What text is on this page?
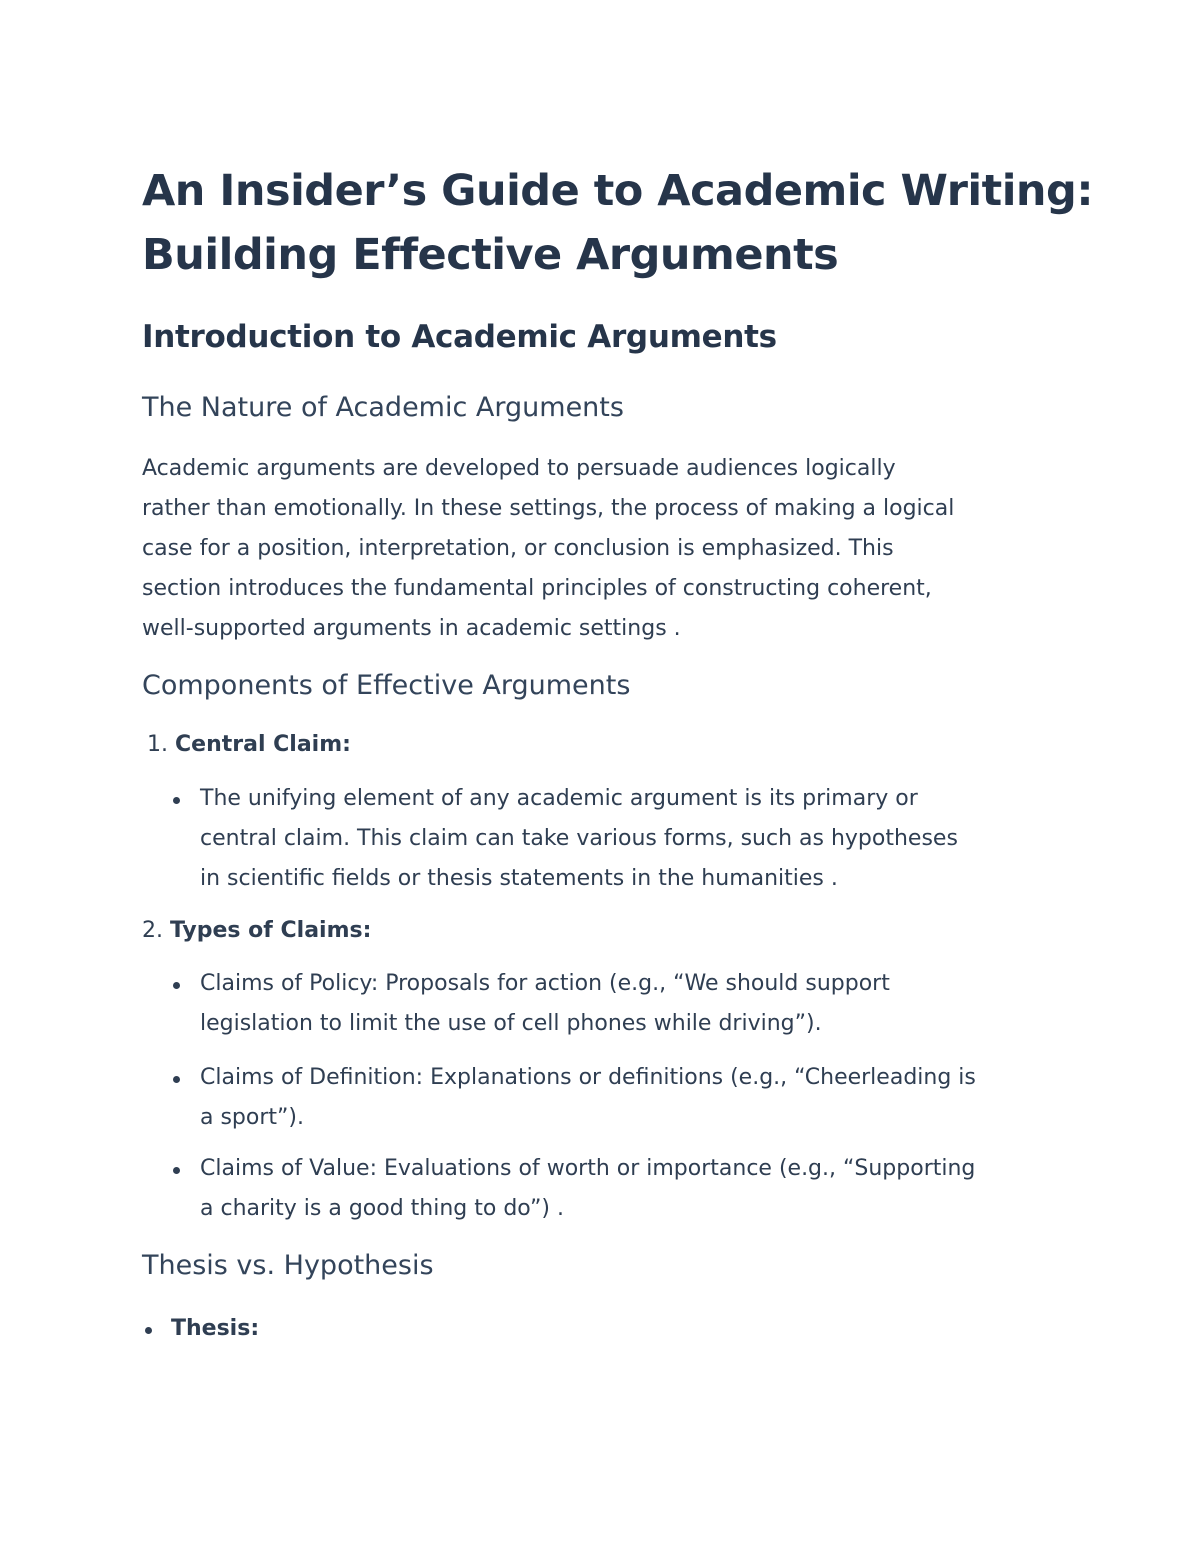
An Insider’s Guide to Academic Writing:

Building Effective Arguments

Introduction to Academic Arguments

The Nature of Academic Arguments

Academic arguments are developed to persuade audiences logically

rather than emotionally. In these settings, the process of making a logical

case for a position, interpretation, or conclusion is emphasized. This

section introduces the fundamental principles of constructing coherent,

well-supported arguments in academic settings .

Components of Effective Arguments

1. Central Claim:

The unifying element of any academic argument is its primary or

central claim. This claim can take various forms, such as hypotheses

in scientific fields or thesis statements in the humanities .

2. Types of Claims:

Claims of Policy: Proposals for action (e.g., “We should support

legislation to limit the use of cell phones while driving”).

Claims of Definition: Explanations or definitions (e.g., “Cheerleading is

a sport”).

Claims of Value: Evaluations of worth or importance (e.g., “Supporting

a charity is a good thing to do”) .

Thesis vs. Hypothesis

Thesis:
